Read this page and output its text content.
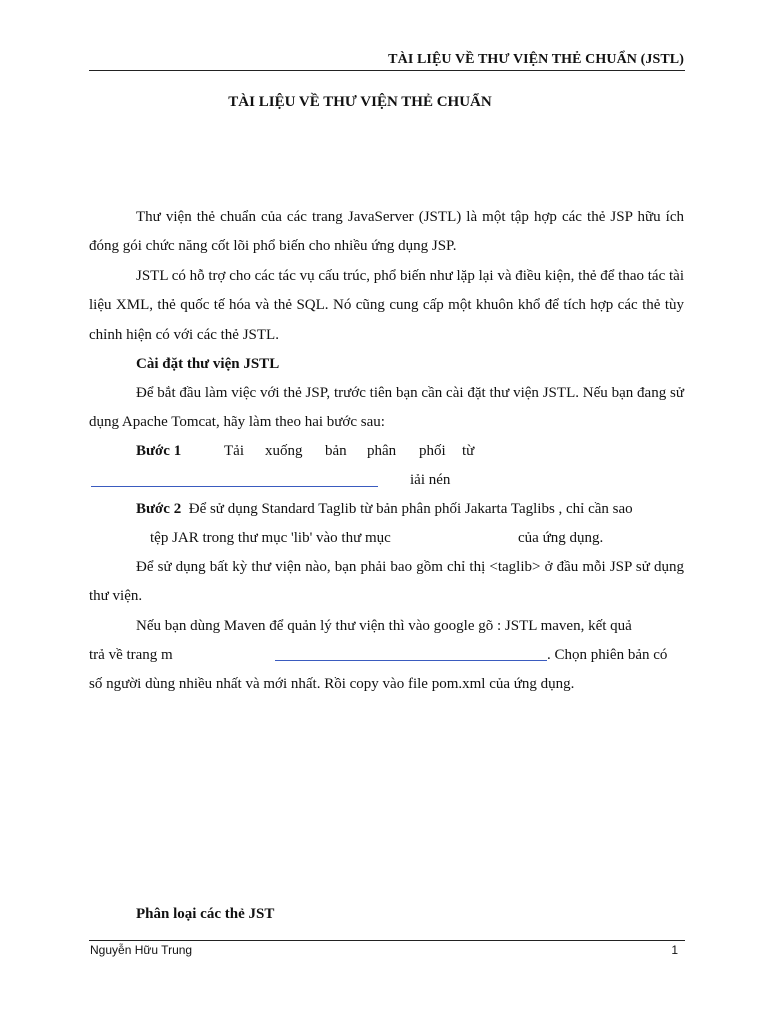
TÀI LIỆU VỀ THƯ VIỆN THẺ CHUẨN (JSTL)
TÀI LIỆU VỀ THƯ VIỆN THẺ CHUẨN
Thư viện thẻ chuẩn của các trang JavaServer (JSTL) là một tập hợp các thẻ JSP hữu ích đóng gói chức năng cốt lõi phổ biến cho nhiều ứng dụng JSP.
JSTL có hỗ trợ cho các tác vụ cấu trúc, phổ biến như lặp lại và điều kiện, thẻ để thao tác tài liệu XML, thẻ quốc tế hóa và thẻ SQL. Nó cũng cung cấp một khuôn khổ để tích hợp các thẻ tùy chỉnh hiện có với các thẻ JSTL.
Cài đặt thư viện JSTL
Để bắt đầu làm việc với thẻ JSP, trước tiên bạn cần cài đặt thư viện JSTL. Nếu bạn đang sử dụng Apache Tomcat, hãy làm theo hai bước sau:
Bước 1	Tải xuống bản phân phối từ
iải nén
Bước 2 Để sử dụng Standard Taglib từ bản phân phối Jakarta Taglibs , chỉ cần sao
tệp JAR trong thư mục 'lib' vào thư mục	của ứng dụng.
Để sử dụng bất kỳ thư viện nào, bạn phải bao gồm chỉ thị <taglib> ở đầu mỗi JSP sử dụng thư viện.
Nếu bạn dùng Maven để quản lý thư viện thì vào google gõ : JSTL maven, kết quả
trả về trang m	. Chọn phiên bản có
số người dùng nhiều nhất và mới nhất. Rồi copy vào file pom.xml của ứng dụng.
Phân loại các thẻ JST
Nguyễn Hữu Trung	1
